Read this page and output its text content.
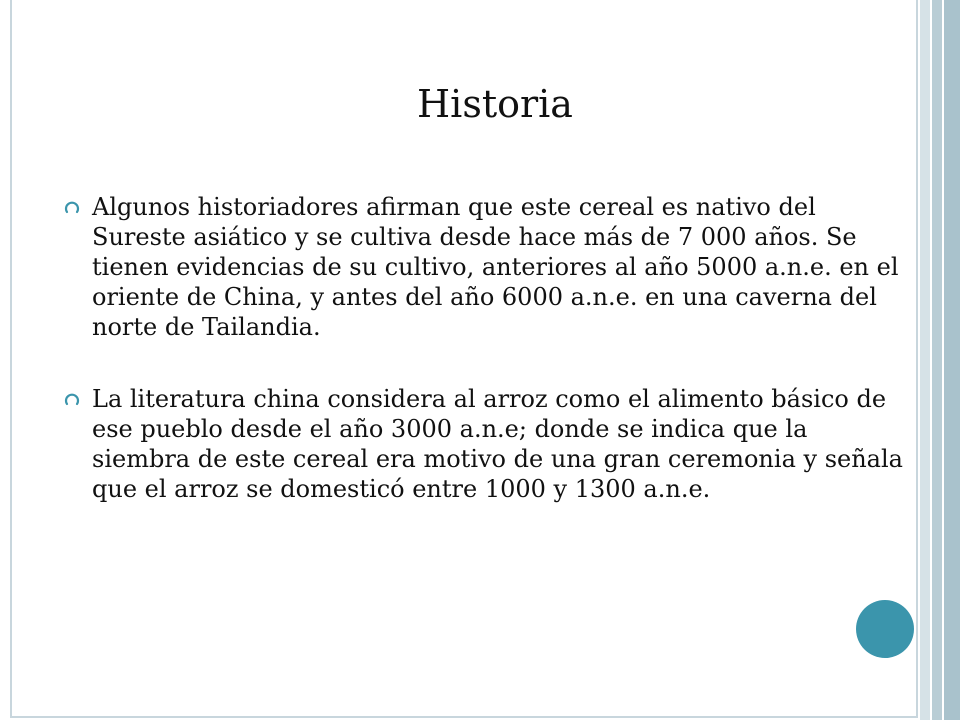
Historia
Algunos historiadores afirman que este cereal es nativo del Sureste asiático y se cultiva desde hace más de 7 000 años. Se tienen evidencias de su cultivo, anteriores al año 5000 a.n.e. en el oriente de China, y antes del año 6000 a.n.e. en una caverna del norte de Tailandia.
La literatura china considera al arroz como el alimento básico de ese pueblo desde el año 3000 a.n.e; donde se indica que la siembra de este cereal era motivo de una gran ceremonia y señala que el arroz se domesticó entre 1000 y 1300 a.n.e.
